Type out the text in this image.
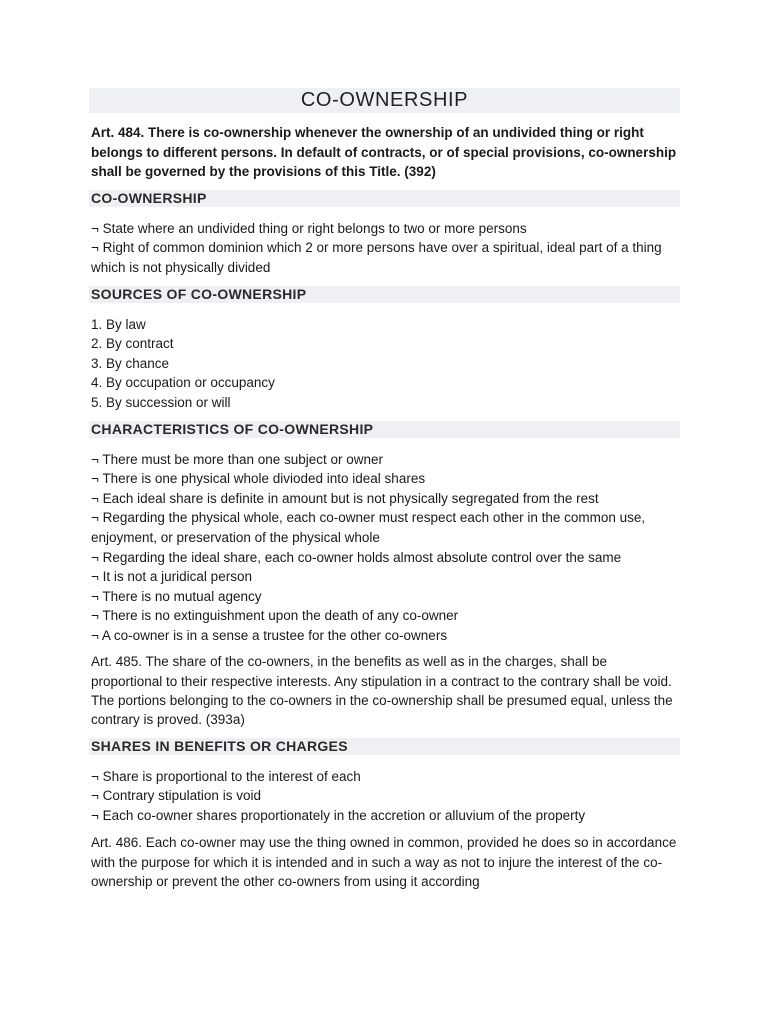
CO-OWNERSHIP

Art. 484. There is co-ownership whenever the ownership of an undivided thing or right belongs to different persons. In default of contracts, or of special provisions, co-ownership shall be governed by the provisions of this Title. (392)

CO-OWNERSHIP
¬ State where an undivided thing or right belongs to two or more persons
¬ Right of common dominion which 2 or more persons have over a spiritual, ideal part of a thing which is not physically divided
SOURCES OF CO-OWNERSHIP
1. By law
2. By contract
3. By chance
4. By occupation or occupancy
5. By succession or will
CHARACTERISTICS OF CO-OWNERSHIP
¬ There must be more than one subject or owner
¬ There is one physical whole divioded into ideal shares
¬ Each ideal share is definite in amount but is not physically segregated from the rest
¬ Regarding the physical whole, each co-owner must respect each other in the common use, enjoyment, or preservation of the physical whole
¬ Regarding the ideal share, each co-owner holds almost absolute control over the same
¬ It is not a juridical person
¬ There is no mutual agency
¬ There is no extinguishment upon the death of any co-owner
¬ A co-owner is in a sense a trustee for the other co-owners

Art. 485. The share of the co-owners, in the benefits as well as in the charges, shall be proportional to their respective interests. Any stipulation in a contract to the contrary shall be void. The portions belonging to the co-owners in the co-ownership shall be presumed equal, unless the contrary is proved. (393a)

SHARES IN BENEFITS OR CHARGES
¬ Share is proportional to the interest of each
¬ Contrary stipulation is void
¬ Each co-owner shares proportionately in the accretion or alluvium of the property

Art. 486. Each co-owner may use the thing owned in common, provided he does so in accordance with the purpose for which it is intended and in such a way as not to injure the interest of the co-ownership or prevent the other co-owners from using it according
